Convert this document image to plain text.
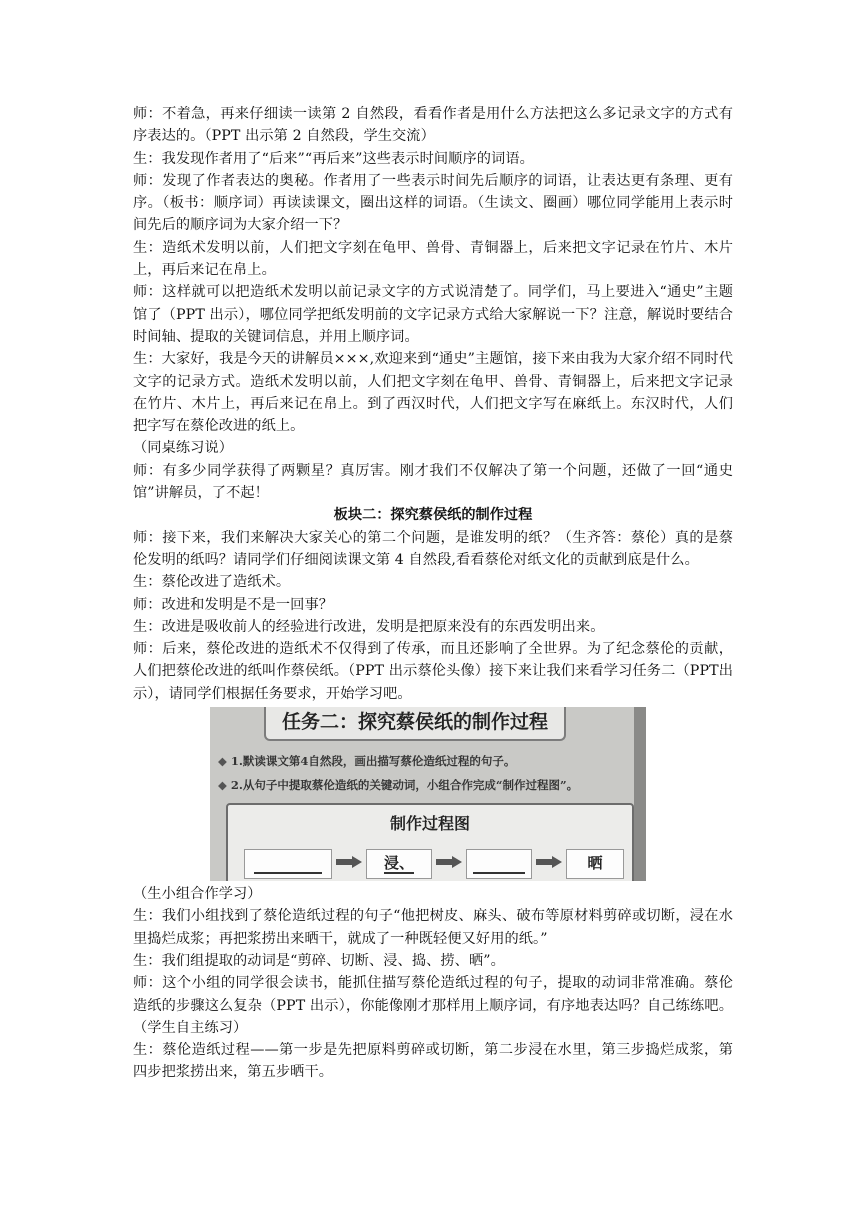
师：不着急，再来仔细读一读第 2 自然段，看看作者是用什么方法把这么多记录文字的方式有序表达的。（PPT 出示第 2 自然段，学生交流）

生：我发现作者用了“后来”“再后来”这些表示时间顺序的词语。

师：发现了作者表达的奥秘。作者用了一些表示时间先后顺序的词语，让表达更有条理、更有序。（板书：顺序词）再读读课文，圈出这样的词语。（生读文、圈画）哪位同学能用上表示时间先后的顺序词为大家介绍一下？

生：造纸术发明以前，人们把文字刻在龟甲、兽骨、青铜器上，后来把文字记录在竹片、木片上，再后来记在帛上。

师：这样就可以把造纸术发明以前记录文字的方式说清楚了。同学们，马上要进入“通史”主题馆了（PPT 出示），哪位同学把纸发明前的文字记录方式给大家解说一下？注意，解说时要结合时间轴、提取的关键词信息，并用上顺序词。

生：大家好，我是今天的讲解员×××,欢迎来到“通史”主题馆，接下来由我为大家介绍不同时代文字的记录方式。造纸术发明以前，人们把文字刻在龟甲、兽骨、青铜器上，后来把文字记录在竹片、木片上，再后来记在帛上。到了西汉时代，人们把文字写在麻纸上。东汉时代，人们把字写在蔡伦改进的纸上。

（同桌练习说）

师：有多少同学获得了两颗星？真厉害。刚才我们不仅解决了第一个问题，还做了一回“通史馆”讲解员，了不起！

板块二：探究蔡侯纸的制作过程

师：接下来，我们来解决大家关心的第二个问题，是谁发明的纸？（生齐答：蔡伦）真的是蔡伦发明的纸吗？请同学们仔细阅读课文第 4 自然段,看看蔡伦对纸文化的贡献到底是什么。

生：蔡伦改进了造纸术。

师：改进和发明是不是一回事？

生：改进是吸收前人的经验进行改进，发明是把原来没有的东西发明出来。

师：后来，蔡伦改进的造纸术不仅得到了传承，而且还影响了全世界。为了纪念蔡伦的贡献，人们把蔡伦改进的纸叫作蔡侯纸。（PPT 出示蔡伦头像）接下来让我们来看学习任务二（PPT出示），请同学们根据任务要求，开始学习吧。

任务二：探究蔡侯纸的制作过程
◆ 1.默读课文第4自然段，画出描写蔡伦造纸过程的句子。
◆ 2.从句子中提取蔡伦造纸的关键动词，小组合作完成“制作过程图”。
制作过程图
浸、	晒

（生小组合作学习）

生：我们小组找到了蔡伦造纸过程的句子“他把树皮、麻头、破布等原材料剪碎或切断，浸在水里捣烂成浆；再把浆捞出来晒干，就成了一种既轻便又好用的纸。”

生：我们组提取的动词是“剪碎、切断、浸、捣、捞、晒”。

师：这个小组的同学很会读书，能抓住描写蔡伦造纸过程的句子，提取的动词非常准确。蔡伦造纸的步骤这么复杂（PPT 出示），你能像刚才那样用上顺序词，有序地表达吗？自己练练吧。（学生自主练习）

生：蔡伦造纸过程——第一步是先把原料剪碎或切断，第二步浸在水里，第三步捣烂成浆，第四步把浆捞出来，第五步晒干。
